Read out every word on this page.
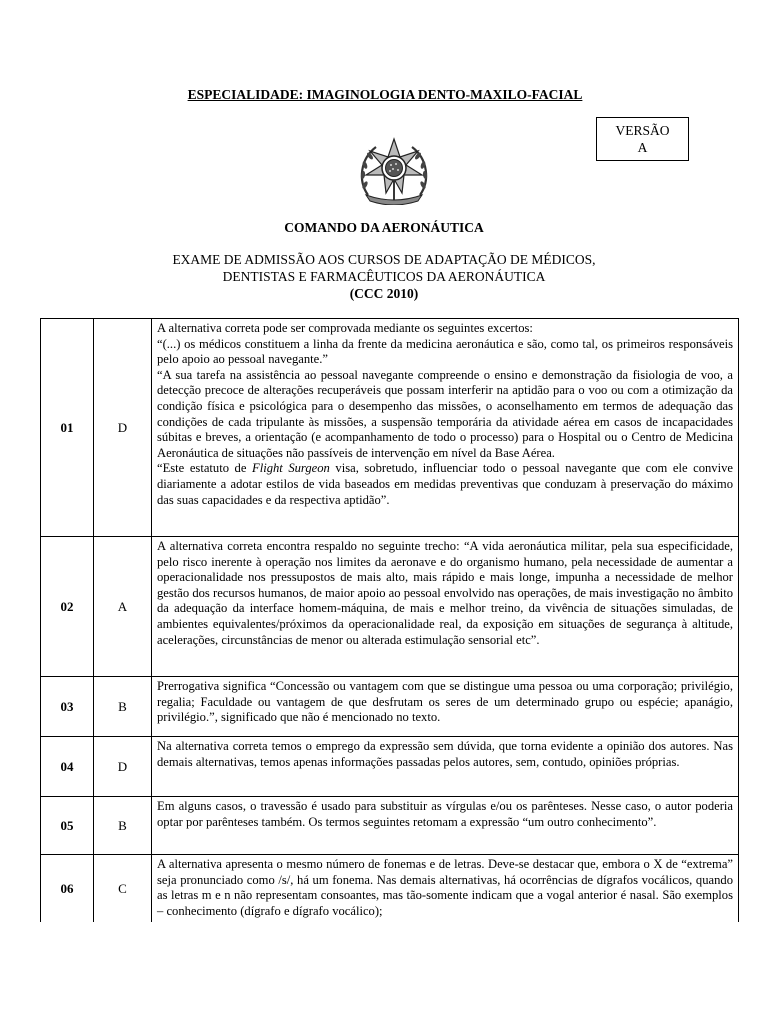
ESPECIALIDADE: IMAGINOLOGIA DENTO-MAXILO-FACIAL
VERSÃO
A
COMANDO DA AERONÁUTICA
EXAME DE ADMISSÃO AOS CURSOS DE ADAPTAÇÃO DE MÉDICOS,
DENTISTAS E FARMACÊUTICOS DA AERONÁUTICA
(CCC 2010)
01	D	A alternativa correta pode ser comprovada mediante os seguintes excertos:

“(...) os médicos constituem a linha da frente da medicina aeronáutica e são, como tal, os primeiros responsáveis pelo apoio ao pessoal navegante.”

“A sua tarefa na assistência ao pessoal navegante compreende o ensino e demonstração da fisiologia de voo, a detecção precoce de alterações recuperáveis que possam interferir na aptidão para o voo ou com a otimização da condição física e psicológica para o desempenho das missões, o aconselhamento em termos de adequação das condições de cada tripulante às missões, a suspensão temporária da atividade aérea em casos de incapacidades súbitas e breves, a orientação (e acompanhamento de todo o processo) para o Hospital ou o Centro de Medicina Aeronáutica de situações não passíveis de intervenção em nível da Base Aérea.

“Este estatuto de Flight Surgeon visa, sobretudo, influenciar todo o pessoal navegante que com ele convive diariamente a adotar estilos de vida baseados em medidas preventivas que conduzam à preservação do máximo das suas capacidades e da respectiva aptidão”.

02	A	A alternativa correta encontra respaldo no seguinte trecho: “A vida aeronáutica militar, pela sua especificidade, pelo risco inerente à operação nos limites da aeronave e do organismo humano, pela necessidade de aumentar a operacionalidade nos pressupostos de mais alto, mais rápido e mais longe, impunha a necessidade de melhor gestão dos recursos humanos, de maior apoio ao pessoal envolvido nas operações, de mais investigação no âmbito da adequação da interface homem-máquina, de mais e melhor treino, da vivência de situações simuladas, de ambientes equivalentes/próximos da operacionalidade real, da exposição em situações de segurança à altitude, acelerações, circunstâncias de menor ou alterada estimulação sensorial etc”.
03	B	Prerrogativa significa “Concessão ou vantagem com que se distingue uma pessoa ou uma corporação; privilégio, regalia; Faculdade ou vantagem de que desfrutam os seres de um determinado grupo ou espécie; apanágio, privilégio.”, significado que não é mencionado no texto.
04	D	Na alternativa correta temos o emprego da expressão sem dúvida, que torna evidente a opinião dos autores. Nas demais alternativas, temos apenas informações passadas pelos autores, sem, contudo, opiniões próprias.
05	B	Em alguns casos, o travessão é usado para substituir as vírgulas e/ou os parênteses. Nesse caso, o autor poderia optar por parênteses também. Os termos seguintes retomam a expressão “um outro conhecimento”.
06	C	A alternativa apresenta o mesmo número de fonemas e de letras. Deve-se destacar que, embora o X de “extrema” seja pronunciado como /s/, há um fonema. Nas demais alternativas, há ocorrências de dígrafos vocálicos, quando as letras m e n não representam consoantes, mas tão-somente indicam que a vogal anterior é nasal. São exemplos – conhecimento (dígrafo e dígrafo vocálico);
